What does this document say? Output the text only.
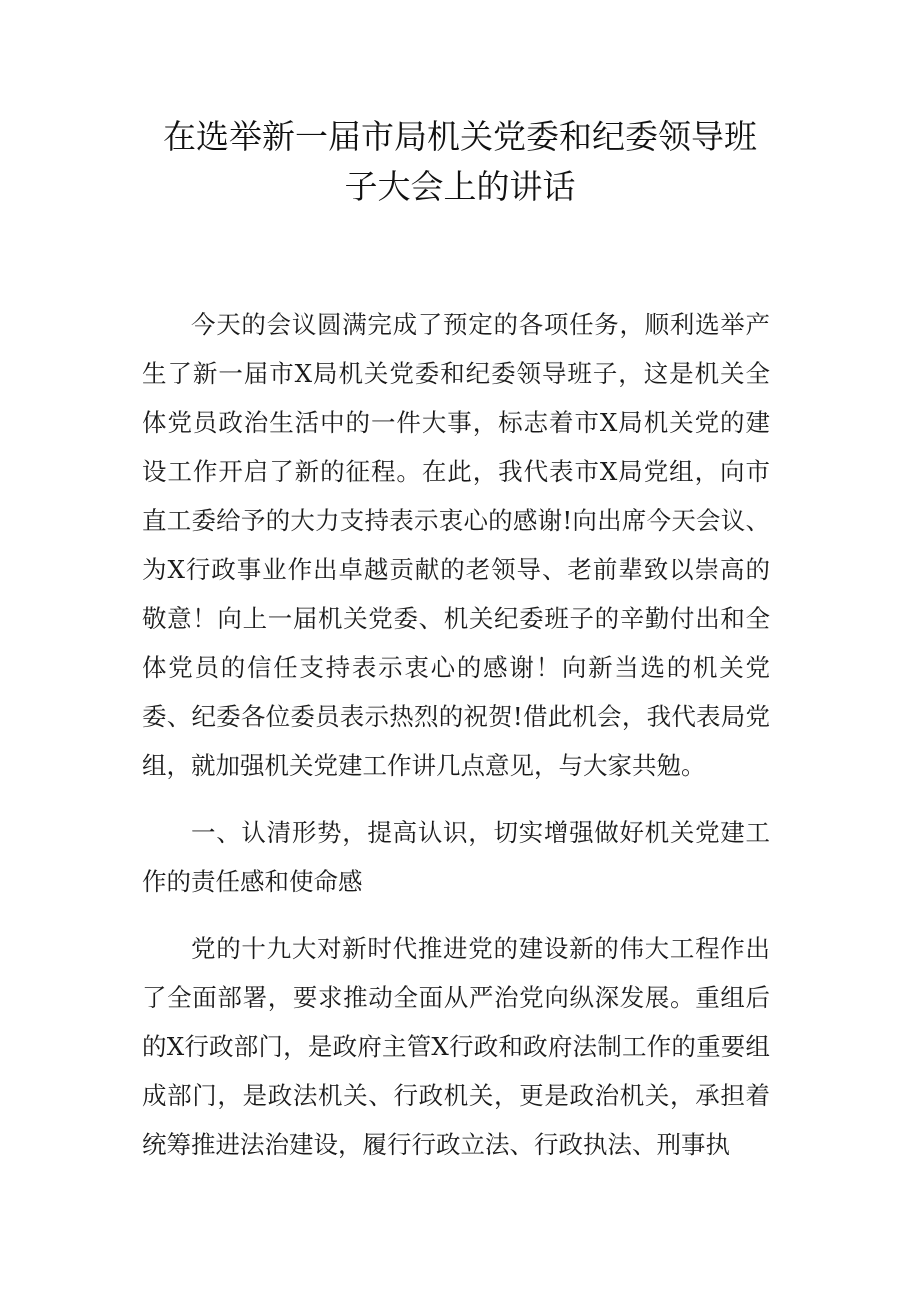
在选举新一届市局机关党委和纪委领导班
子大会上的讲话

今天的会议圆满完成了预定的各项任务，顺利选举产生了新一届市X局机关党委和纪委领导班子，这是机关全体党员政治生活中的一件大事，标志着市X局机关党的建设工作开启了新的征程。在此，我代表市X局党组，向市直工委给予的大力支持表示衷心的感谢!向出席今天会议、为X行政事业作出卓越贡献的老领导、老前辈致以崇高的敬意！向上一届机关党委、机关纪委班子的辛勤付出和全体党员的信任支持表示衷心的感谢！向新当选的机关党委、纪委各位委员表示热烈的祝贺!借此机会，我代表局党组，就加强机关党建工作讲几点意见，与大家共勉。

一、认清形势，提高认识，切实增强做好机关党建工作的责任感和使命感

党的十九大对新时代推进党的建设新的伟大工程作出了全面部署，要求推动全面从严治党向纵深发展。重组后的X行政部门，是政府主管X行政和政府法制工作的重要组成部门，是政法机关、行政机关，更是政治机关，承担着统筹推进法治建设，履行行政立法、行政执法、刑事执
